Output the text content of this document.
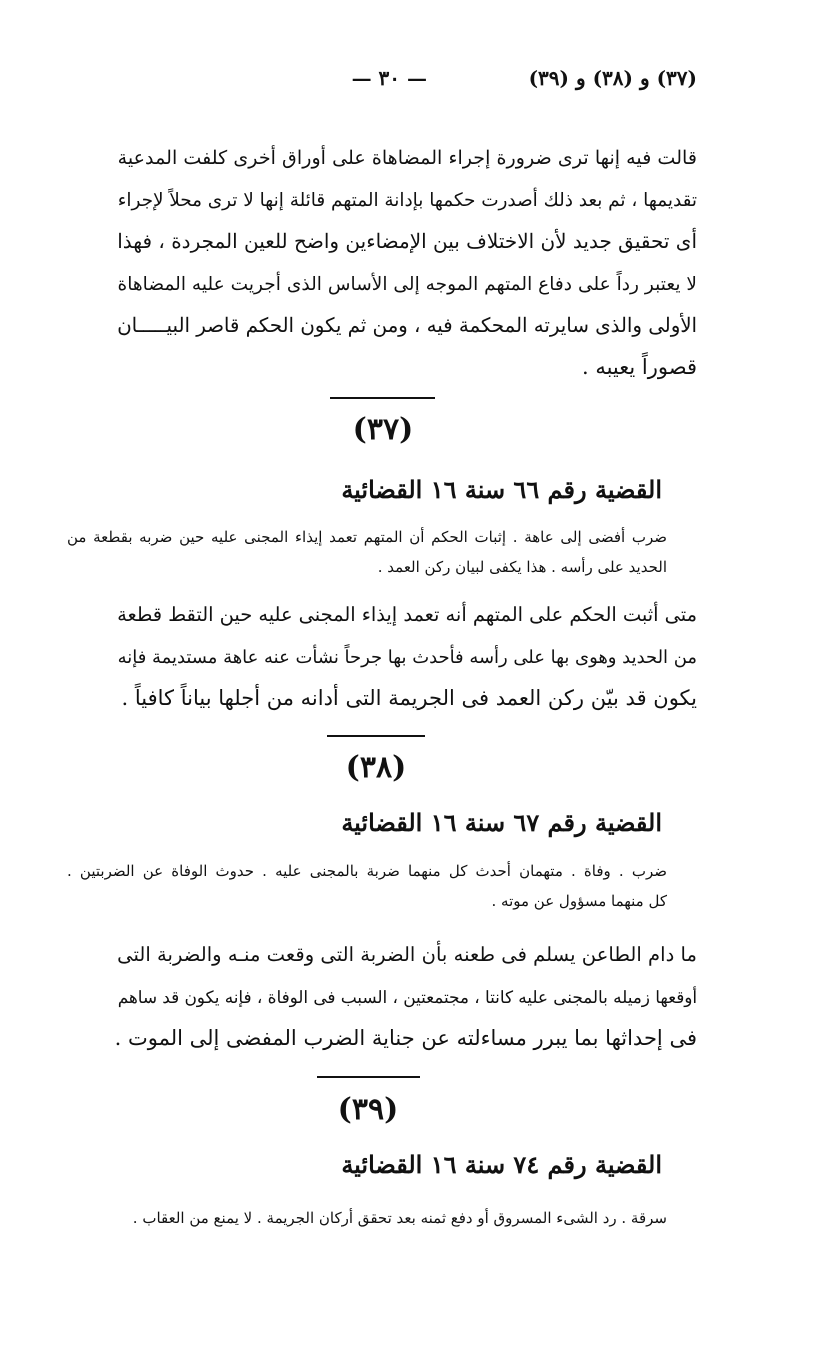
(٣٧) و (٣٨) و (٣٩)
— ٣٠ —
قالت فيه إنها ترى ضرورة إجراء المضاهاة على أوراق أخرى كلفت المدعية
تقديمها ، ثم بعد ذلك أصدرت حكمها بإدانة المتهم قائلة إنها لا ترى محلاً لإجراء
أى تحقيق جديد لأن الاختلاف بين الإمضاءين واضح للعين المجردة ، فهذا
لا يعتبر رداً على دفاع المتهم الموجه إلى الأساس الذى أجريت عليه المضاهاة
الأولى والذى سايرته المحكمة فيه ، ومن ثم يكون الحكم قاصر البيـــــان
قصوراً يعيبه .
(٣٧)
القضية رقم ٦٦ سنة ١٦ القضائية
ضرب أفضى إلى عاهة . إثبات الحكم أن المتهم تعمد إيذاء المجنى عليه حين ضربه بقطعة من
الحديد على رأسه . هذا يكفى لبيان ركن العمد .
متى أثبت الحكم على المتهم أنه تعمد إيذاء المجنى عليه حين التقط قطعة
من الحديد وهوى بها على رأسه فأحدث بها جرحاً نشأت عنه عاهة مستديمة فإنه
يكون قد بيّن ركن العمد فى الجريمة التى أدانه من أجلها بياناً كافياً .
(٣٨)
القضية رقم ٦٧ سنة ١٦ القضائية
ضرب . وفاة . متهمان أحدث كل منهما ضربة بالمجنى عليه . حدوث الوفاة عن الضربتين .
كل منهما مسؤول عن موته .
ما دام الطاعن يسلم فى طعنه بأن الضربة التى وقعت منـه والضربة التى
أوقعها زميله بالمجنى عليه كانتا ، مجتمعتين ، السبب فى الوفاة ، فإنه يكون قد ساهم
فى إحداثها بما يبرر مساءلته عن جناية الضرب المفضى إلى الموت .
(٣٩)
القضية رقم ٧٤ سنة ١٦ القضائية
سرقة . رد الشىء المسروق أو دفع ثمنه بعد تحقق أركان الجريمة . لا يمنع من العقاب .
